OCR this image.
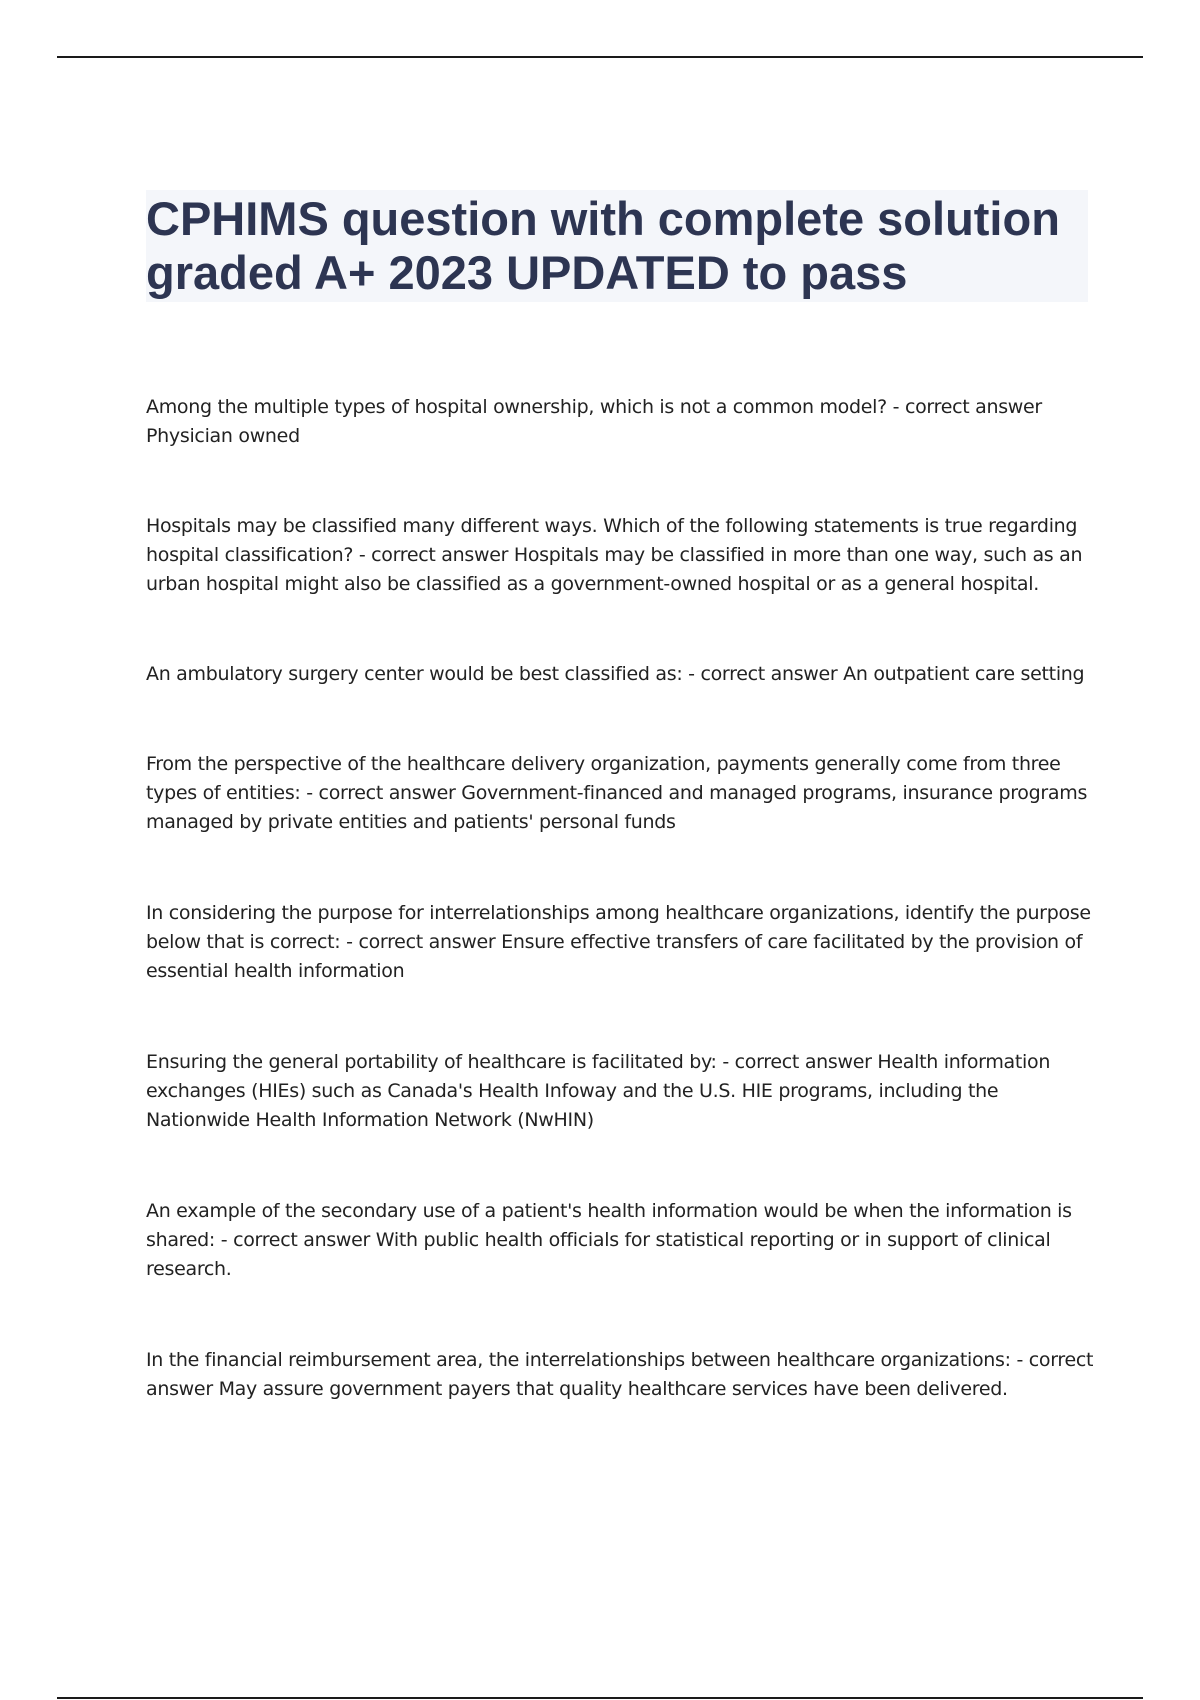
CPHIMS question with complete solution graded A+ 2023 UPDATED to pass

Among the multiple types of hospital ownership, which is not a common model? - correct answer Physician owned

Hospitals may be classified many different ways. Which of the following statements is true regarding hospital classification? - correct answer Hospitals may be classified in more than one way, such as an urban hospital might also be classified as a government-owned hospital or as a general hospital.

An ambulatory surgery center would be best classified as: - correct answer An outpatient care setting

From the perspective of the healthcare delivery organization, payments generally come from three types of entities: - correct answer Government-financed and managed programs, insurance programs managed by private entities and patients' personal funds

In considering the purpose for interrelationships among healthcare organizations, identify the purpose below that is correct: - correct answer Ensure effective transfers of care facilitated by the provision of essential health information

Ensuring the general portability of healthcare is facilitated by: - correct answer Health information exchanges (HIEs) such as Canada's Health Infoway and the U.S. HIE programs, including the Nationwide Health Information Network (NwHIN)

An example of the secondary use of a patient's health information would be when the information is shared: - correct answer With public health officials for statistical reporting or in support of clinical research.

In the financial reimbursement area, the interrelationships between healthcare organizations: - correct answer May assure government payers that quality healthcare services have been delivered.
